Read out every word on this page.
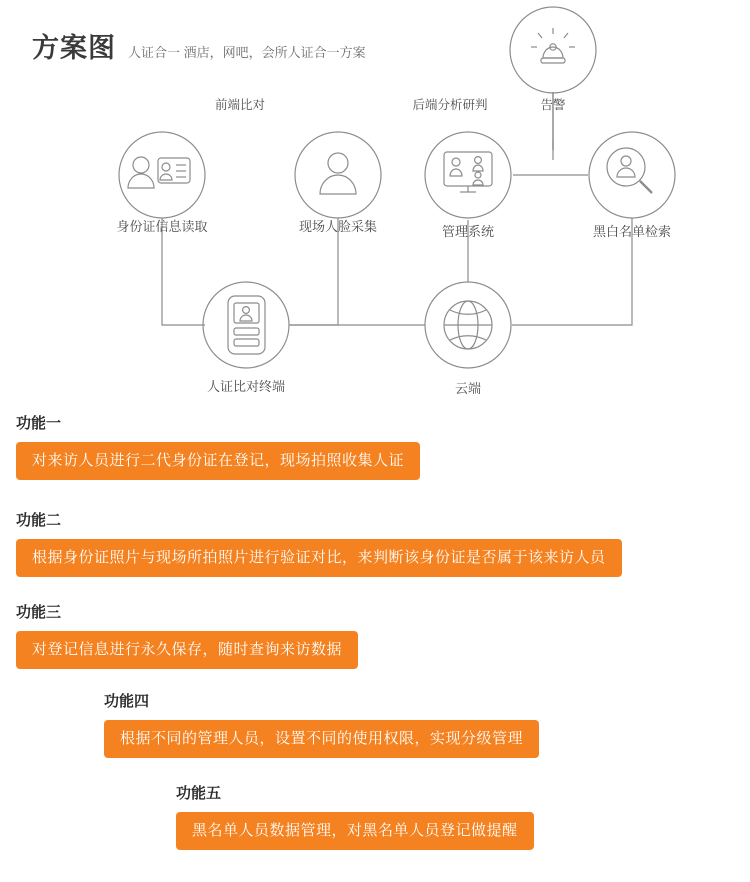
方案图 人证合一 酒店，网吧，会所人证合一方案
前端比对	后端分析研判	告警
身份证信息读取	现场人脸采集	管理系统	黑白名单检索
人证比对终端	云端
功能一
对来访人员进行二代身份证在登记，现场拍照收集人证
功能二
根据身份证照片与现场所拍照片进行验证对比，来判断该身份证是否属于该来访人员
功能三
对登记信息进行永久保存，随时查询来访数据
功能四
根据不同的管理人员，设置不同的使用权限，实现分级管理
功能五
黑名单人员数据管理，对黑名单人员登记做提醒
